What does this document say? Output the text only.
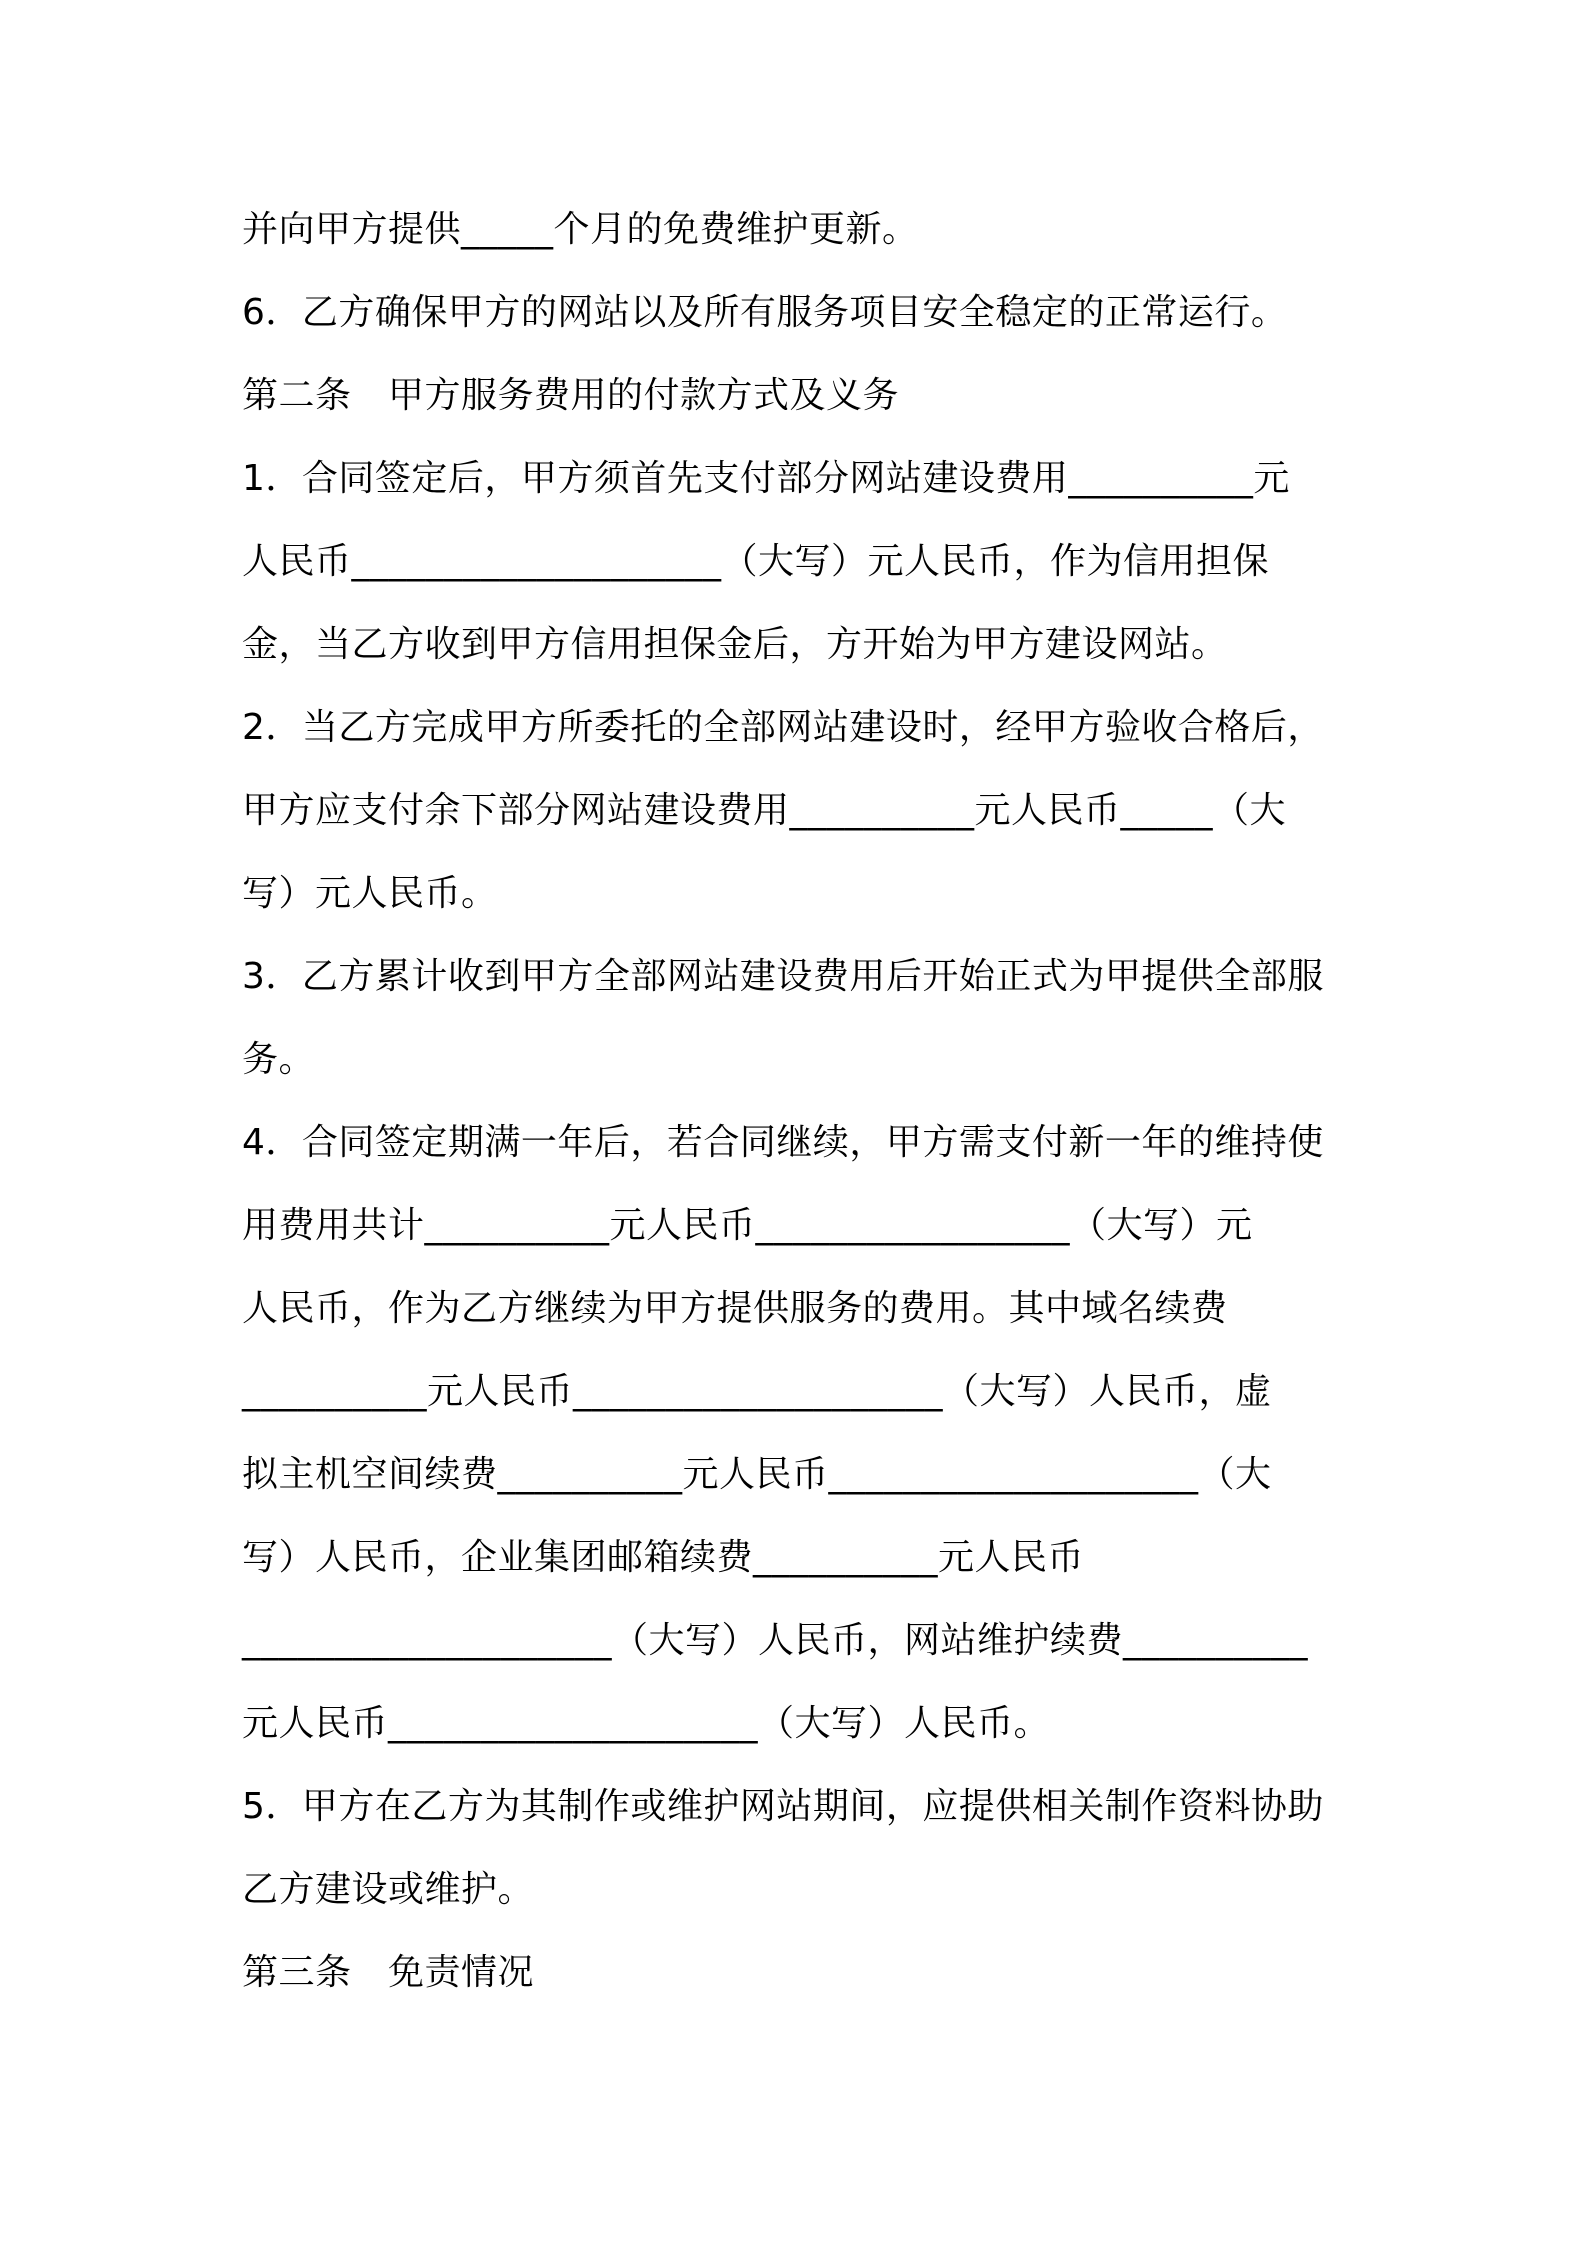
并向甲方提供_____个月的免费维护更新。
6．乙方确保甲方的网站以及所有服务项目安全稳定的正常运行。
第二条　甲方服务费用的付款方式及义务
1．合同签定后，甲方须首先支付部分网站建设费用__________元
人民币____________________（大写）元人民币，作为信用担保
金，当乙方收到甲方信用担保金后，方开始为甲方建设网站。
2．当乙方完成甲方所委托的全部网站建设时，经甲方验收合格后，
甲方应支付余下部分网站建设费用__________元人民币_____（大
写）元人民币。
3．乙方累计收到甲方全部网站建设费用后开始正式为甲提供全部服
务。
4．合同签定期满一年后，若合同继续，甲方需支付新一年的维持使
用费用共计__________元人民币_________________（大写）元
人民币，作为乙方继续为甲方提供服务的费用。其中域名续费
__________元人民币____________________（大写）人民币，虚
拟主机空间续费__________元人民币____________________（大
写）人民币，企业集团邮箱续费__________元人民币
____________________（大写）人民币，网站维护续费__________
元人民币____________________（大写）人民币。
5．甲方在乙方为其制作或维护网站期间，应提供相关制作资料协助
乙方建设或维护。
第三条　免责情况
